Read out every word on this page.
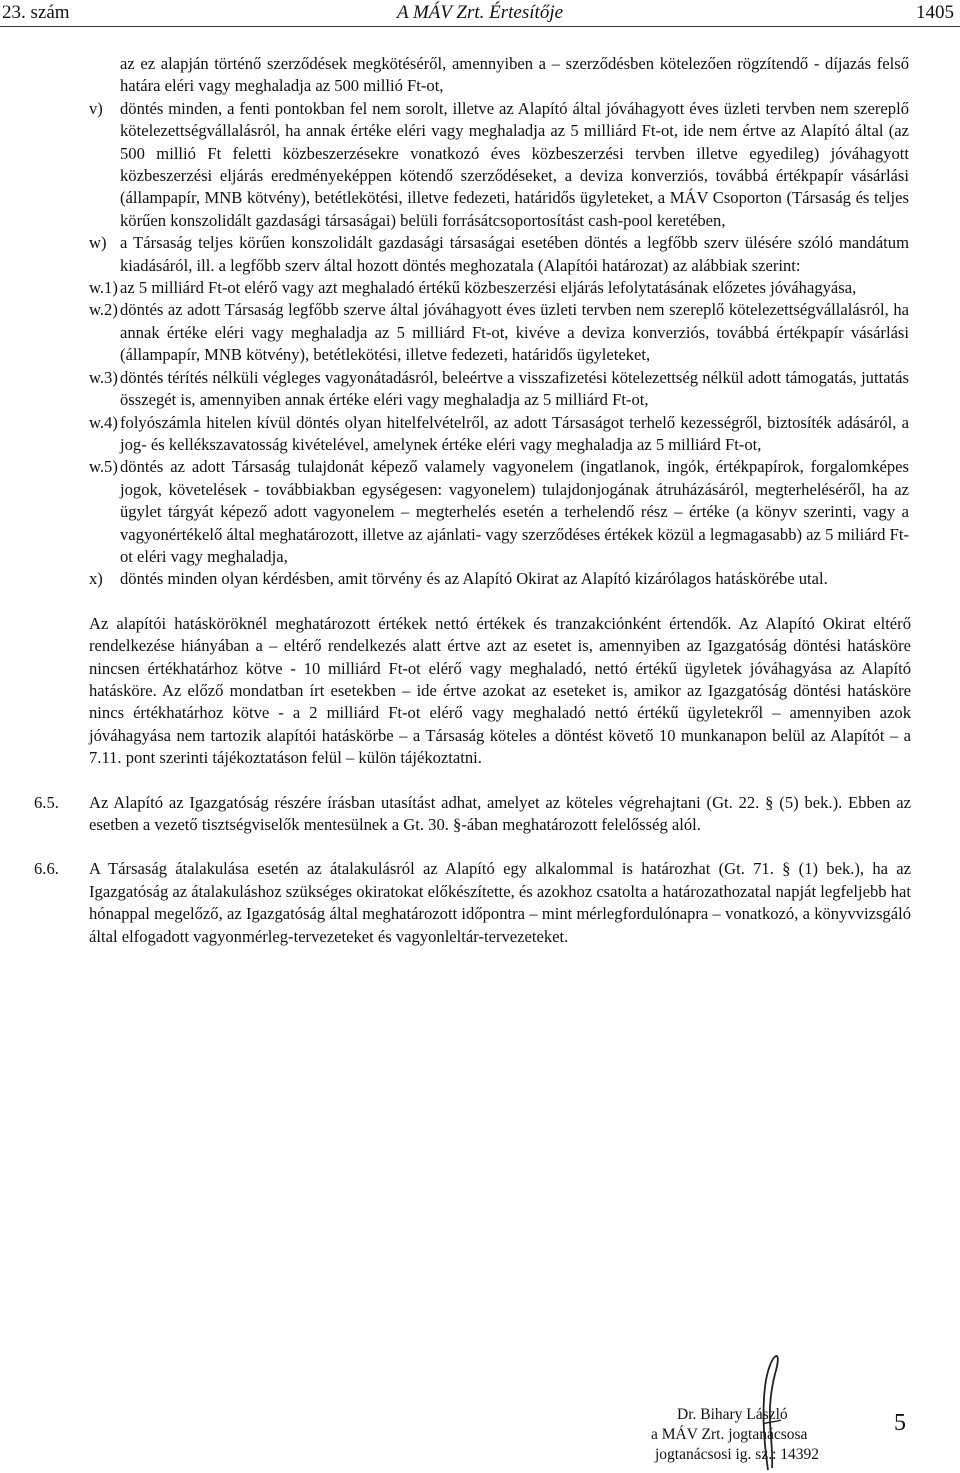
23. szám	A MÁV Zrt. Értesítője	1405
az ez alapján történő szerződések megkötéséről, amennyiben a – szerződésben kötelezően rögzítendő - díjazás felső határa eléri vagy meghaladja az 500 millió Ft-ot,
v) döntés minden, a fenti pontokban fel nem sorolt, illetve az Alapító által jóváhagyott éves üzleti tervben nem szereplő kötelezettségvállalásról, ha annak értéke eléri vagy meghaladja az 5 milliárd Ft-ot, ide nem értve az Alapító által (az 500 millió Ft feletti közbeszerzésekre vonatkozó éves közbeszerzési tervben illetve egyedileg) jóváhagyott közbeszerzési eljárás eredményeképpen kötendő szerződéseket, a deviza konverziós, továbbá értékpapír vásárlási (állampapír, MNB kötvény), betétlekötési, illetve fedezeti, határidős ügyleteket, a MÁV Csoporton (Társaság és teljes körűen konszolidált gazdasági társaságai) belüli forrásátcsoportosítást cash-pool keretében,
w) a Társaság teljes körűen konszolidált gazdasági társaságai esetében döntés a legfőbb szerv ülésére szóló mandátum kiadásáról, ill. a legfőbb szerv által hozott döntés meghozatala (Alapítói határozat) az alábbiak szerint:
w.1) az 5 milliárd Ft-ot elérő vagy azt meghaladó értékű közbeszerzési eljárás lefolytatásának előzetes jóváhagyása,
w.2) döntés az adott Társaság legfőbb szerve által jóváhagyott éves üzleti tervben nem szereplő kötelezettségvállalásról, ha annak értéke eléri vagy meghaladja az 5 milliárd Ft-ot, kivéve a deviza konverziós, továbbá értékpapír vásárlási (állampapír, MNB kötvény), betétlekötési, illetve fedezeti, határidős ügyleteket,
w.3) döntés térítés nélküli végleges vagyonátadásról, beleértve a visszafizetési kötelezettség nélkül adott támogatás, juttatás összegét is, amennyiben annak értéke eléri vagy meghaladja az 5 milliárd Ft-ot,
w.4) folyószámla hitelen kívül döntés olyan hitelfelvételről, az adott Társaságot terhelő kezességről, biztosíték adásáról, a jog- és kellékszavatosság kivételével, amelynek értéke eléri vagy meghaladja az 5 milliárd Ft-ot,
w.5) döntés az adott Társaság tulajdonát képező valamely vagyonelem (ingatlanok, ingók, értékpapírok, forgalomképes jogok, követelések - továbbiakban egységesen: vagyonelem) tulajdonjogának átruházásáról, megterheléséről, ha az ügylet tárgyát képező adott vagyonelem – megterhelés esetén a terhelendő rész – értéke (a könyv szerinti, vagy a vagyonértékelő által meghatározott, illetve az ajánlati- vagy szerződéses értékek közül a legmagasabb) az 5 miliárd Ft-ot eléri vagy meghaladja,
x) döntés minden olyan kérdésben, amit törvény és az Alapító Okirat az Alapító kizárólagos hatáskörébe utal.
Az alapítói hatásköröknél meghatározott értékek nettó értékek és tranzakciónként értendők. Az Alapító Okirat eltérő rendelkezése hiányában a – eltérő rendelkezés alatt értve azt az esetet is, amennyiben az Igazgatóság döntési hatásköre nincsen értékhatárhoz kötve - 10 milliárd Ft-ot elérő vagy meghaladó, nettó értékű ügyletek jóváhagyása az Alapító hatásköre. Az előző mondatban írt esetekben – ide értve azokat az eseteket is, amikor az Igazgatóság döntési hatásköre nincs értékhatárhoz kötve - a 2 milliárd Ft-ot elérő vagy meghaladó nettó értékű ügyletekről – amennyiben azok jóváhagyása nem tartozik alapítói hatáskörbe – a Társaság köteles a döntést követő 10 munkanapon belül az Alapítót – a 7.11. pont szerinti tájékoztatáson felül – külön tájékoztatni.
6.5. Az Alapító az Igazgatóság részére írásban utasítást adhat, amelyet az köteles végrehajtani (Gt. 22. § (5) bek.). Ebben az esetben a vezető tisztségviselők mentesülnek a Gt. 30. §-ában meghatározott felelősség alól.
6.6. A Társaság átalakulása esetén az átalakulásról az Alapító egy alkalommal is határozhat (Gt. 71. § (1) bek.), ha az Igazgatóság az átalakuláshoz szükséges okiratokat előkészítette, és azokhoz csatolta a határozathozatal napját legfeljebb hat hónappal megelőző, az Igazgatóság által meghatározott időpontra – mint mérlegfordulónapra – vonatkozó, a könyvvizsgáló által elfogadott vagyonmérleg-tervezeteket és vagyonleltár-tervezeteket.
Dr. Bihary László
a MÁV Zrt. jogtanácsosa
jogtanácsosi ig. sz.: 14392
5
